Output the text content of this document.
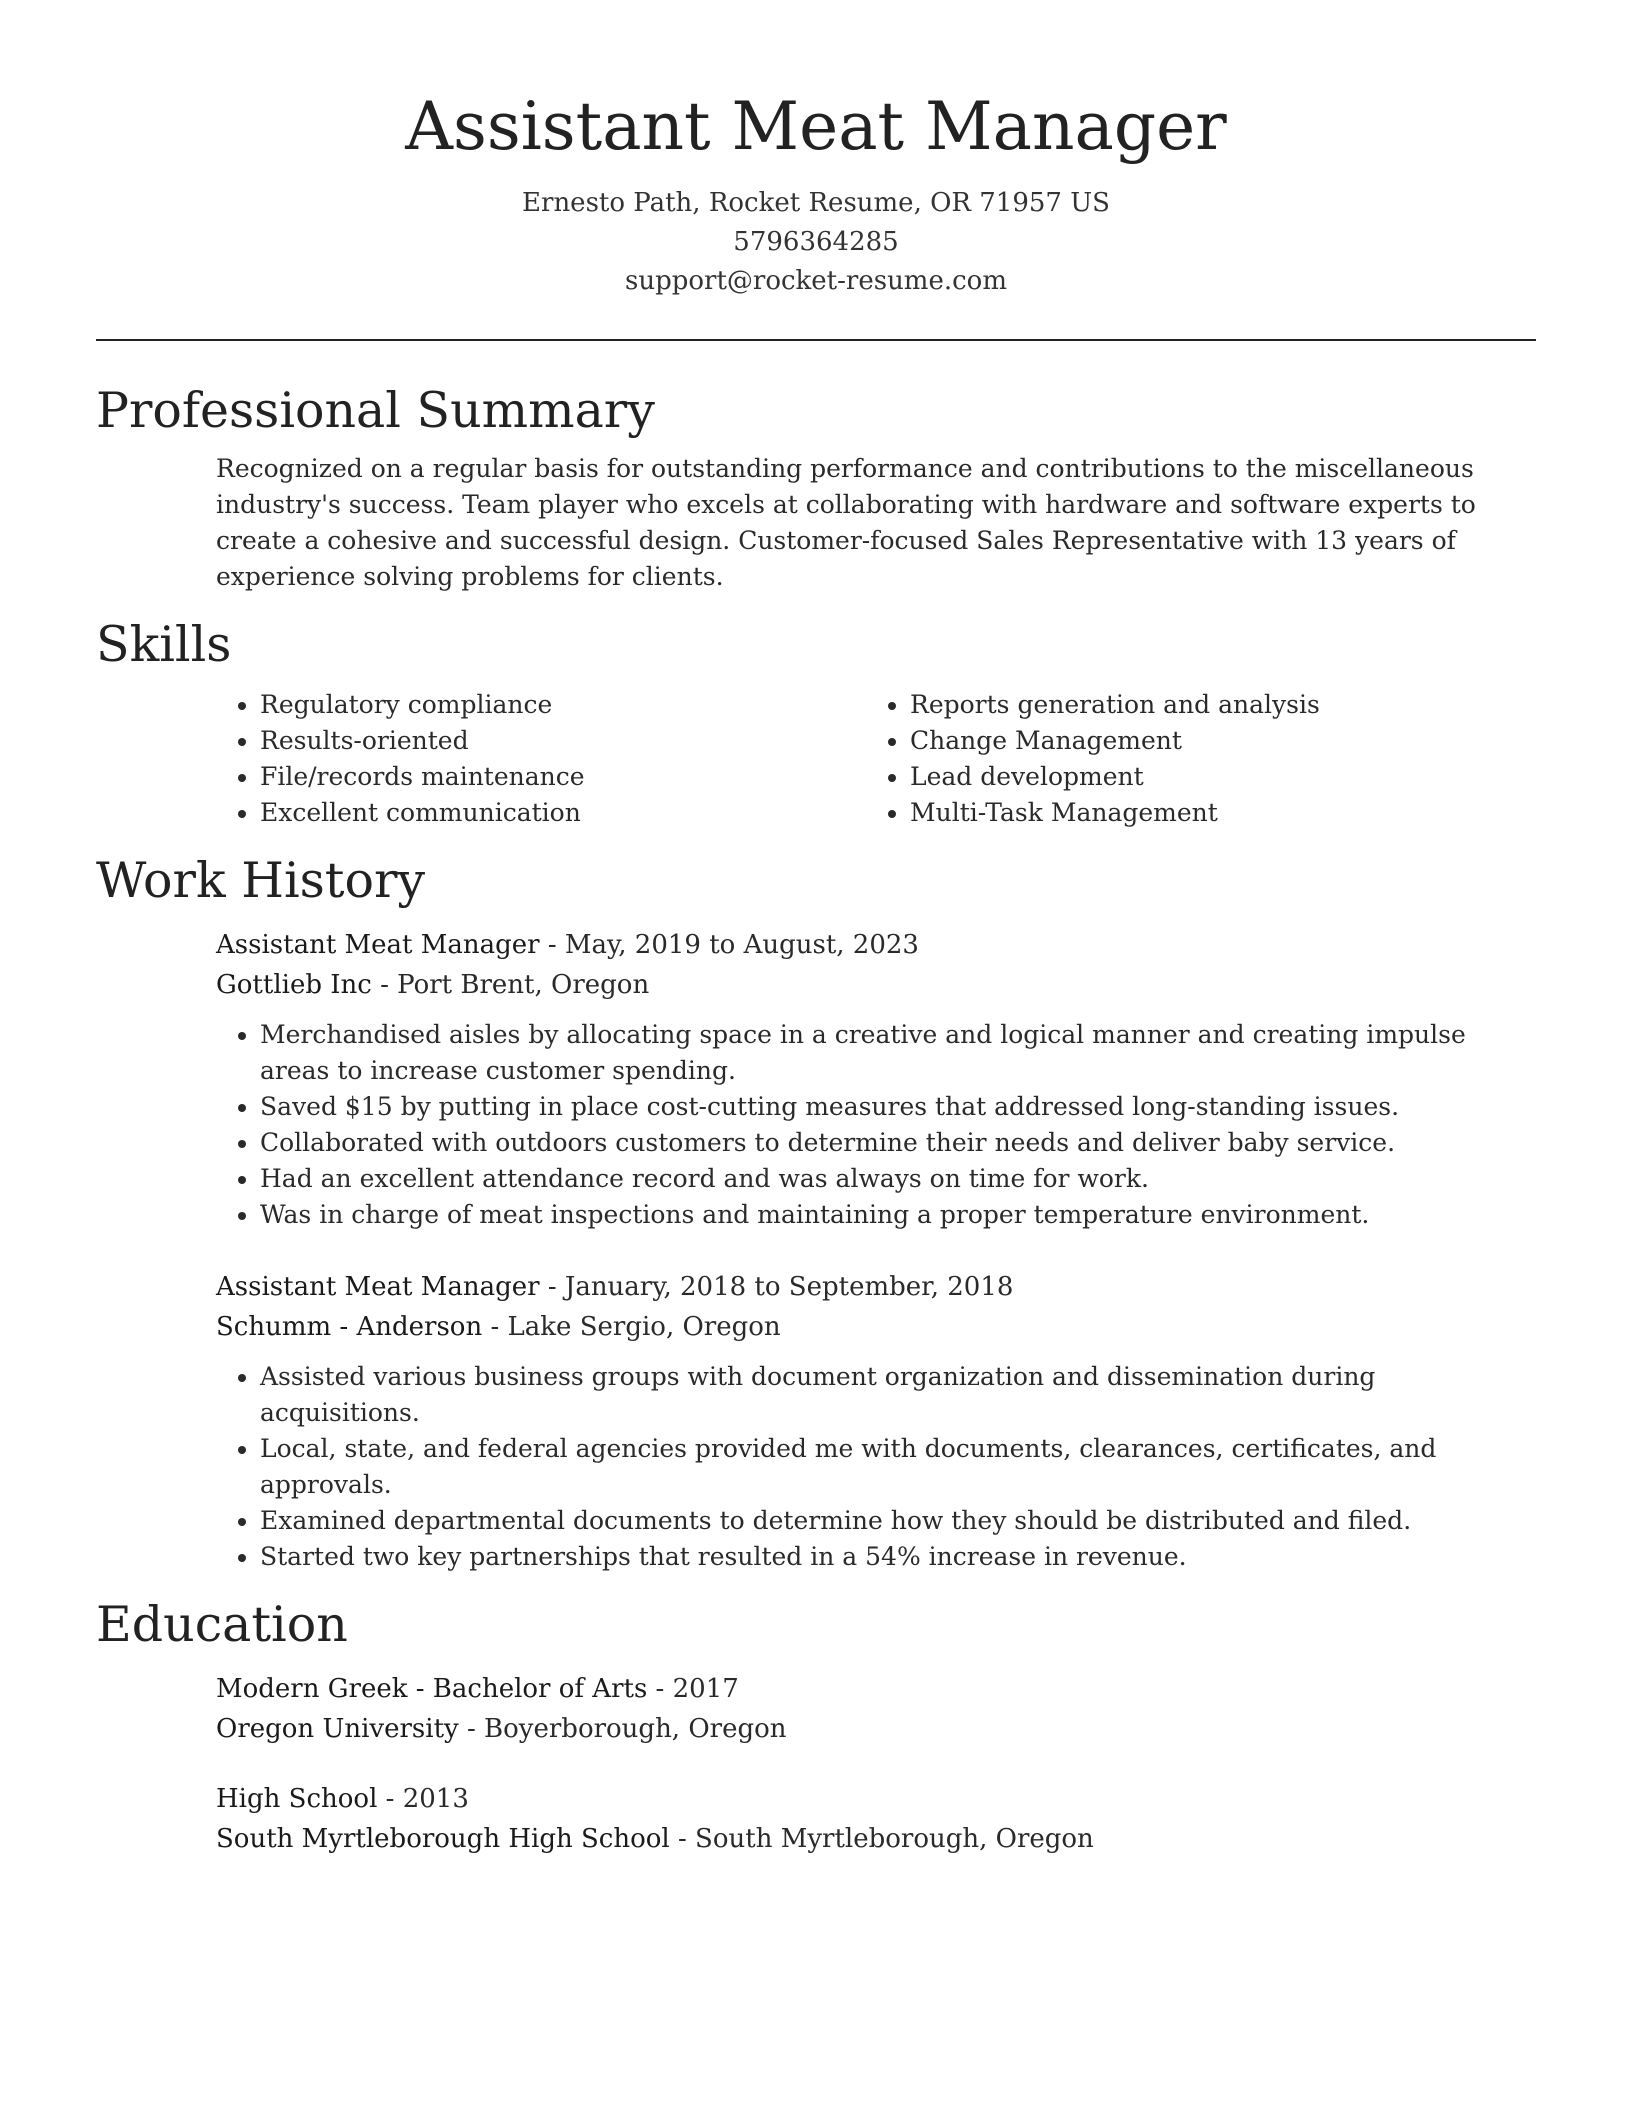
Assistant Meat Manager
Ernesto Path, Rocket Resume, OR 71957 US
5796364285
support@rocket-resume.com
Professional Summary

Recognized on a regular basis for outstanding performance and contributions to the miscellaneous industry's success. Team player who excels at collaborating with hardware and software experts to create a cohesive and successful design. Customer-focused Sales Representative with 13 years of experience solving problems for clients.

Skills
• Regulatory compliance
• Results-oriented
• File/records maintenance
• Excellent communication
• Reports generation and analysis
• Change Management
• Lead development
• Multi-Task Management
Work History
Assistant Meat Manager - May, 2019 to August, 2023
Gottlieb Inc - Port Brent, Oregon
• Merchandised aisles by allocating space in a creative and logical manner and creating impulse areas to increase customer spending.
• Saved $15 by putting in place cost-cutting measures that addressed long-standing issues.
• Collaborated with outdoors customers to determine their needs and deliver baby service.
• Had an excellent attendance record and was always on time for work.
• Was in charge of meat inspections and maintaining a proper temperature environment.
Assistant Meat Manager - January, 2018 to September, 2018
Schumm - Anderson - Lake Sergio, Oregon
• Assisted various business groups with document organization and dissemination during acquisitions.
• Local, state, and federal agencies provided me with documents, clearances, certificates, and approvals.
• Examined departmental documents to determine how they should be distributed and filed.
• Started two key partnerships that resulted in a 54% increase in revenue.
Education
Modern Greek - Bachelor of Arts - 2017
Oregon University - Boyerborough, Oregon
High School - 2013
South Myrtleborough High School - South Myrtleborough, Oregon
